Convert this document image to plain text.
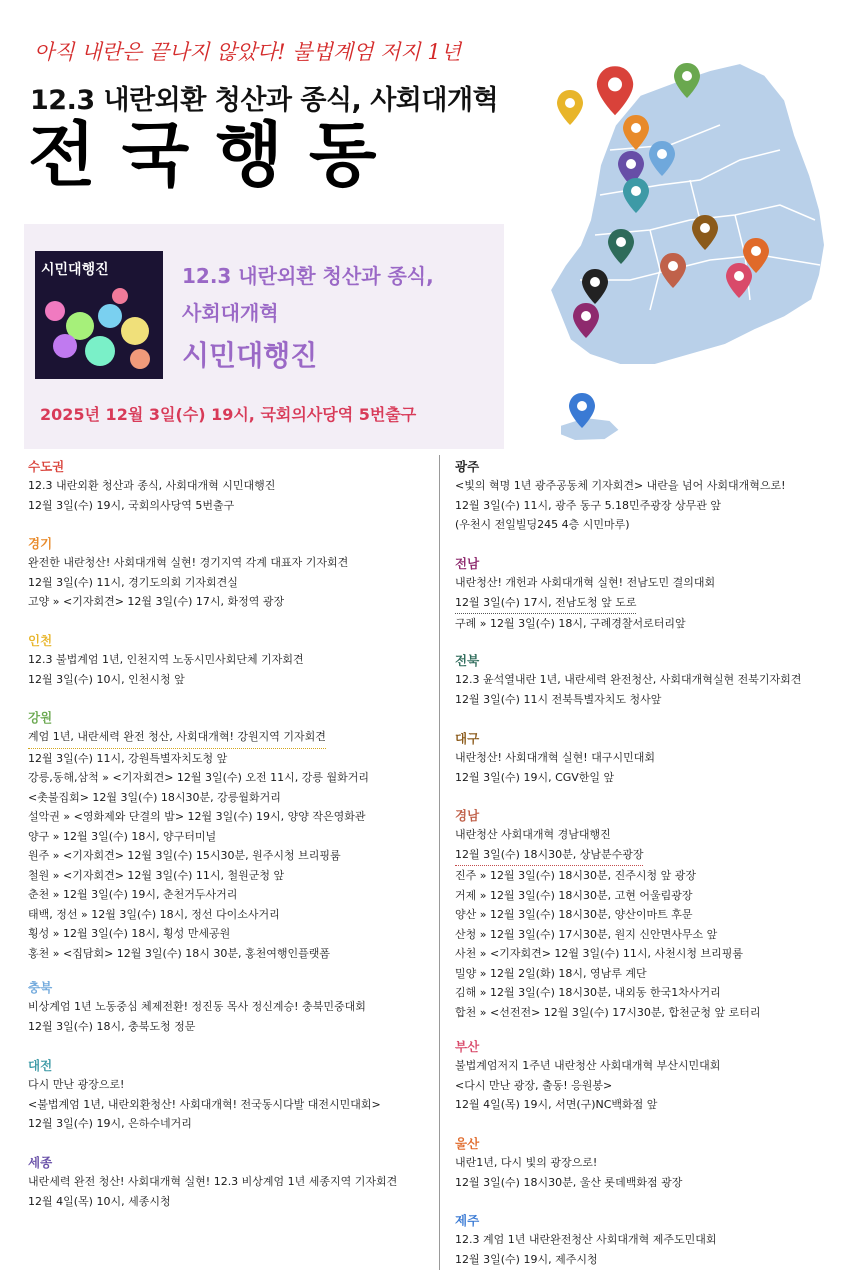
아직 내란은 끝나지 않았다! 불법계엄 저지 1년
12.3 내란외환 청산과 종식, 사회대개혁
전국행동
시민대행진	12.3 내란외환 청산과 종식,
사회대개혁
시민대행진
2025년 12월 3일(수) 19시, 국회의사당역 5번출구
수도권
12.3 내란외환 청산과 종식, 사회대개혁 시민대행진
12월 3일(수) 19시, 국회의사당역 5번출구
경기
완전한 내란청산! 사회대개혁 실현! 경기지역 각계 대표자 기자회견
12월 3일(수) 11시, 경기도의회 기자회견실
고양 » <기자회견> 12월 3일(수) 17시, 화정역 광장
인천
12.3 불법계엄 1년, 인천지역 노동시민사회단체 기자회견
12월 3일(수) 10시, 인천시청 앞
강원
계엄 1년, 내란세력 완전 청산, 사회대개혁! 강원지역 기자회견
12월 3일(수) 11시, 강원특별자치도청 앞
강릉,동해,삼척 » <기자회견> 12월 3일(수) 오전 11시, 강릉 월화거리
<촛불집회> 12월 3일(수) 18시30분, 강릉월화거리
설악권 » <영화제와 단결의 밤> 12월 3일(수) 19시, 양양 작은영화관
양구 » 12월 3일(수) 18시, 양구터미널
원주 » <기자회견> 12월 3일(수) 15시30분, 원주시청 브리핑룸
철원 » <기자회견> 12월 3일(수) 11시, 철원군청 앞
춘천 » 12월 3일(수) 19시, 춘천거두사거리
태백, 정선 » 12월 3일(수) 18시, 정선 다이소사거리
횡성 » 12월 3일(수) 18시, 횡성 만세공원
홍천 » <집담회> 12월 3일(수) 18시 30분, 홍천여행인플랫폼
충북
비상계엄 1년 노동중심 체제전환! 정진동 목사 정신계승! 충북민중대회
12월 3일(수) 18시, 충북도청 정문
대전
다시 만난 광장으로!
<불법계엄 1년, 내란외환청산! 사회대개혁! 전국동시다발 대전시민대회>
12월 3일(수) 19시, 은하수네거리
세종
내란세력 완전 청산! 사회대개혁 실현! 12.3 비상계엄 1년 세종지역 기자회견
12월 4일(목) 10시, 세종시청
광주
<빛의 혁명 1년 광주공동체 기자회견> 내란을 넘어 사회대개혁으로!
12월 3일(수) 11시, 광주 동구 5.18민주광장 상무관 앞
(우천시 전일빌딩245 4층 시민마루)
전남
내란청산! 개헌과 사회대개혁 실현! 전남도민 결의대회
12월 3일(수) 17시, 전남도청 앞 도로
구례 » 12월 3일(수) 18시, 구례경찰서로터리앞
전북
12.3 윤석열내란 1년, 내란세력 완전청산, 사회대개혁실현 전북기자회견
12월 3일(수) 11시 전북특별자치도 청사앞
대구
내란청산! 사회대개혁 실현! 대구시민대회
12월 3일(수) 19시, CGV한일 앞
경남
내란청산 사회대개혁 경남대행진
12월 3일(수) 18시30분, 상남분수광장
진주 » 12월 3일(수) 18시30분, 진주시청 앞 광장
거제 » 12월 3일(수) 18시30분, 고현 어울림광장
양산 » 12월 3일(수) 18시30분, 양산이마트 후문
산청 » 12월 3일(수) 17시30분, 원지 신안면사무소 앞
사천 » <기자회견> 12월 3일(수) 11시, 사천시청 브리핑룸
밀양 » 12월 2일(화) 18시, 영남루 계단
김해 » 12월 3일(수) 18시30분, 내외동 한국1차사거리
합천 » <선전전> 12월 3일(수) 17시30분, 합천군청 앞 로터리
부산
불법계엄저지 1주년 내란청산 사회대개혁 부산시민대회
<다시 만난 광장, 출동! 응원봉>
12월 4일(목) 19시, 서면(구)NC백화점 앞
울산
내란1년, 다시 빛의 광장으로!
12월 3일(수) 18시30분, 울산 롯데백화점 광장
제주
12.3 계엄 1년 내란완전청산 사회대개혁 제주도민대회
12월 3일(수) 19시, 제주시청
